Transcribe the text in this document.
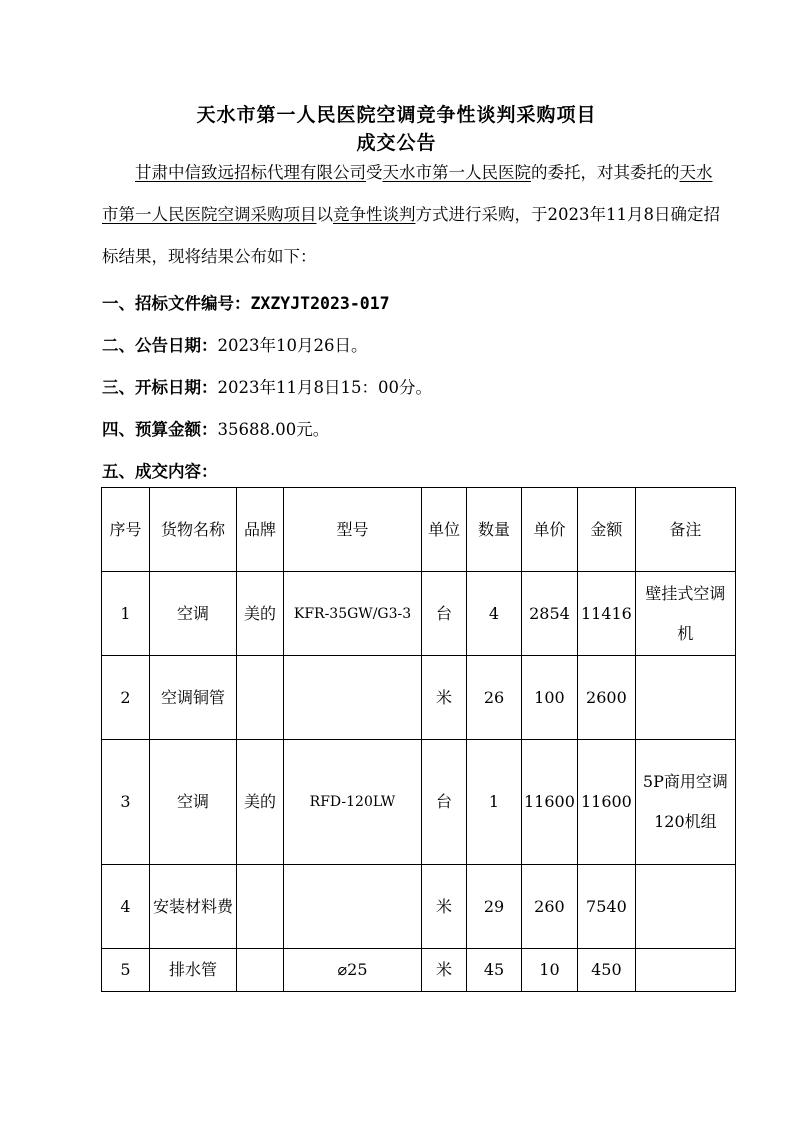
天水市第一人民医院空调竞争性谈判采购项目
成交公告
甘肃中信致远招标代理有限公司受天水市第一人民医院的委托，对其委托的天水市第一人民医院空调采购项目以竞争性谈判方式进行采购，于2023年11月8日确定招标结果，现将结果公布如下：
一、招标文件编号：ZXZYJT2023-017
二、公告日期：2023年10月26日。
三、开标日期：2023年11月8日15：00分。
四、预算金额：35688.00元。
五、成交内容：
序号	货物名称	品牌	型号	单位	数量	单价	金额	备注
1	空调	美的	KFR-35GW/G3-3	台	4	2854	11416	壁挂式空调机
2	空调铜管			米	26	100	2600	
3	空调	美的	RFD-120LW	台	1	11600	11600	5P商用空调 120机组
4	安装材料费			米	29	260	7540	
5	排水管		⌀25	米	45	10	450	
